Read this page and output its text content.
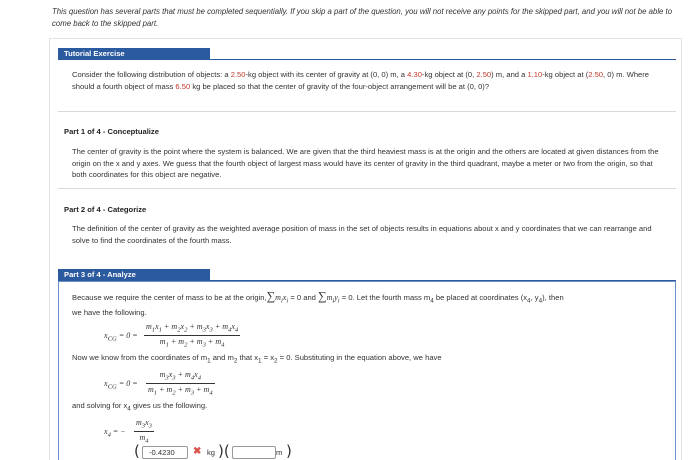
This question has several parts that must be completed sequentially. If you skip a part of the question, you will not receive any points for the skipped part, and you will not be able to come back to the skipped part.
Tutorial Exercise
Consider the following distribution of objects: a 2.50-kg object with its center of gravity at (0, 0) m, a 4.30-kg object at (0, 2.50) m, and a 1.10-kg object at (2.50, 0) m. Where should a fourth object of mass 6.50 kg be placed so that the center of gravity of the four-object arrangement will be at (0, 0)?
Part 1 of 4 - Conceptualize
The center of gravity is the point where the system is balanced. We are given that the third heaviest mass is at the origin and the others are located at given distances from the origin on the x and y axes. We guess that the fourth object of largest mass would have its center of gravity in the third quadrant, maybe a meter or two from the origin, so that both coordinates for this object are negative.
Part 2 of 4 - Categorize
The definition of the center of gravity as the weighted average position of mass in the set of objects results in equations about x and y coordinates that we can rearrange and solve to find the coordinates of the fourth mass.
Part 3 of 4 - Analyze
Because we require the center of mass to be at the $origin,\sum m_ix_i = 0$ and $\sum m_iy_i = 0$. Let the fourth mass $m_4$ be placed at coordinates ($x_4$, $y_4$), then
we have the following.
$x_{CG} = 0 = \frac{m_1x_1 + m_2x_2 + m_3x_3 + m_4x_4}{m_1 + m_2 + m_3 + m_4}$
Now we know from the coordinates of $m_1$ and $m_2$ that $x_1 = x_2 = 0$. Substituting in the equation above, we have
$x_{CG} = 0 = \frac{m_3x_3 + m_4x_4}{m_1 + m_2 + m_3 + m_4}$
and solving for $x_4$ gives us the following.
$x_4$ = − $\frac{m_3x_3}{m_4}$
(
-0.4230	✖ kg )(	m )
